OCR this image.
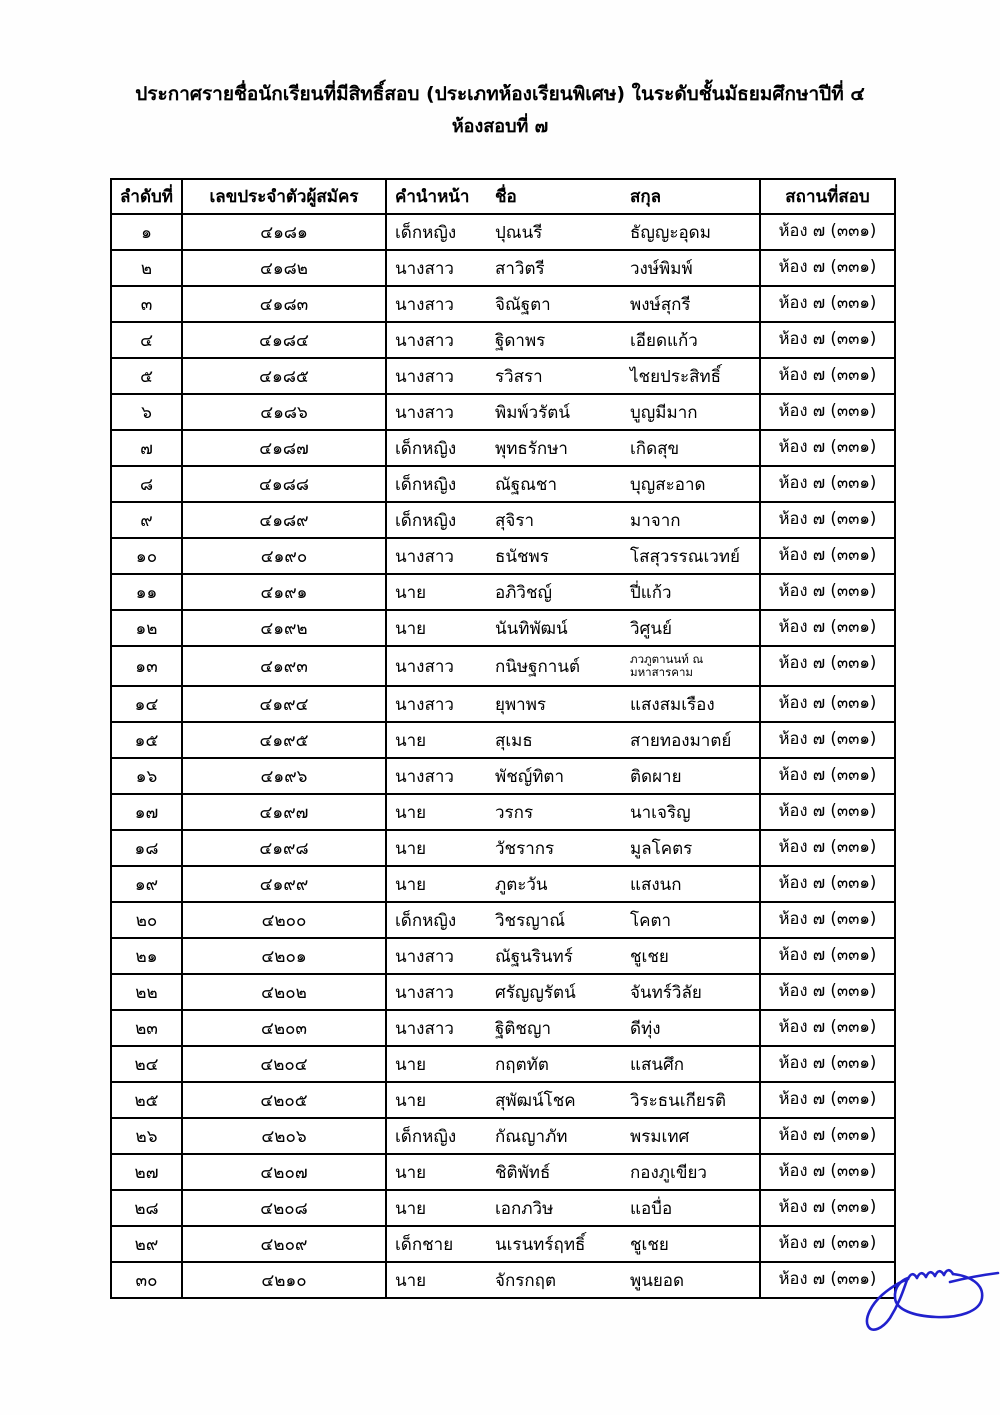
ประกาศรายชื่อนักเรียนที่มีสิทธิ์สอบ (ประเภทห้องเรียนพิเศษ) ในระดับชั้นมัธยมศึกษาปีที่ ๔
ห้องสอบที่ ๗
ลำดับที่	เลขประจำตัวผู้สมัคร	คำนำหน้า	ชื่อ	สกุล	สถานที่สอบ
๑	๔๑๘๑	เด็กหญิง	ปุณนรี	ธัญญะอุดม	ห้อง ๗ (๓๓๑)
๒	๔๑๘๒	นางสาว	สาวิตรี	วงษ์พิมพ์	ห้อง ๗ (๓๓๑)
๓	๔๑๘๓	นางสาว	จิณัฐตา	พงษ์สุกรี	ห้อง ๗ (๓๓๑)
๔	๔๑๘๔	นางสาว	ฐิดาพร	เอียดแก้ว	ห้อง ๗ (๓๓๑)
๕	๔๑๘๕	นางสาว	รวิสรา	ไชยประสิทธิ์	ห้อง ๗ (๓๓๑)
๖	๔๑๘๖	นางสาว	พิมพ์วรัตน์	บูญมีมาก	ห้อง ๗ (๓๓๑)
๗	๔๑๘๗	เด็กหญิง	พุทธรักษา	เกิดสุข	ห้อง ๗ (๓๓๑)
๘	๔๑๘๘	เด็กหญิง	ณัฐณชา	บุญสะอาด	ห้อง ๗ (๓๓๑)
๙	๔๑๘๙	เด็กหญิง	สุจิรา	มาจาก	ห้อง ๗ (๓๓๑)
๑๐	๔๑๙๐	นางสาว	ธนัชพร	โสสุวรรณเวทย์	ห้อง ๗ (๓๓๑)
๑๑	๔๑๙๑	นาย	อภิวิชญ์	ปี่แก้ว	ห้อง ๗ (๓๓๑)
๑๒	๔๑๙๒	นาย	นันทิพัฒน์	วิศูนย์	ห้อง ๗ (๓๓๑)
๑๓	๔๑๙๓	นางสาว	กนิษฐกานต์	ภวภูตานนท์ ณ
มหาสารคาม	ห้อง ๗ (๓๓๑)
๑๔	๔๑๙๔	นางสาว	ยุพาพร	แสงสมเรือง	ห้อง ๗ (๓๓๑)
๑๕	๔๑๙๕	นาย	สุเมธ	สายทองมาตย์	ห้อง ๗ (๓๓๑)
๑๖	๔๑๙๖	นางสาว	พัชญ์ทิตา	ติดผาย	ห้อง ๗ (๓๓๑)
๑๗	๔๑๙๗	นาย	วรกร	นาเจริญ	ห้อง ๗ (๓๓๑)
๑๘	๔๑๙๘	นาย	วัชรากร	มูลโคตร	ห้อง ๗ (๓๓๑)
๑๙	๔๑๙๙	นาย	ภูตะวัน	แสงนก	ห้อง ๗ (๓๓๑)
๒๐	๔๒๐๐	เด็กหญิง	วิชรญาณ์	โคตา	ห้อง ๗ (๓๓๑)
๒๑	๔๒๐๑	นางสาว	ณัฐนรินทร์	ชูเชย	ห้อง ๗ (๓๓๑)
๒๒	๔๒๐๒	นางสาว	ศรัญญรัตน์	จันทร์วิลัย	ห้อง ๗ (๓๓๑)
๒๓	๔๒๐๓	นางสาว	ฐิติชญา	ดีทุ่ง	ห้อง ๗ (๓๓๑)
๒๔	๔๒๐๔	นาย	กฤตทัต	แสนศึก	ห้อง ๗ (๓๓๑)
๒๕	๔๒๐๕	นาย	สุพัฒน์โชค	วิระธนเกียรติ	ห้อง ๗ (๓๓๑)
๒๖	๔๒๐๖	เด็กหญิง	กัณญาภัท	พรมเทศ	ห้อง ๗ (๓๓๑)
๒๗	๔๒๐๗	นาย	ชิติพัทธ์	กองภูเขียว	ห้อง ๗ (๓๓๑)
๒๘	๔๒๐๘	นาย	เอกภวิษ	แอบื่อ	ห้อง ๗ (๓๓๑)
๒๙	๔๒๐๙	เด็กชาย	นเรนทร์ฤทธิ์	ชูเชย	ห้อง ๗ (๓๓๑)
๓๐	๔๒๑๐	นาย	จักรกฤต	พูนยอด	ห้อง ๗ (๓๓๑)
